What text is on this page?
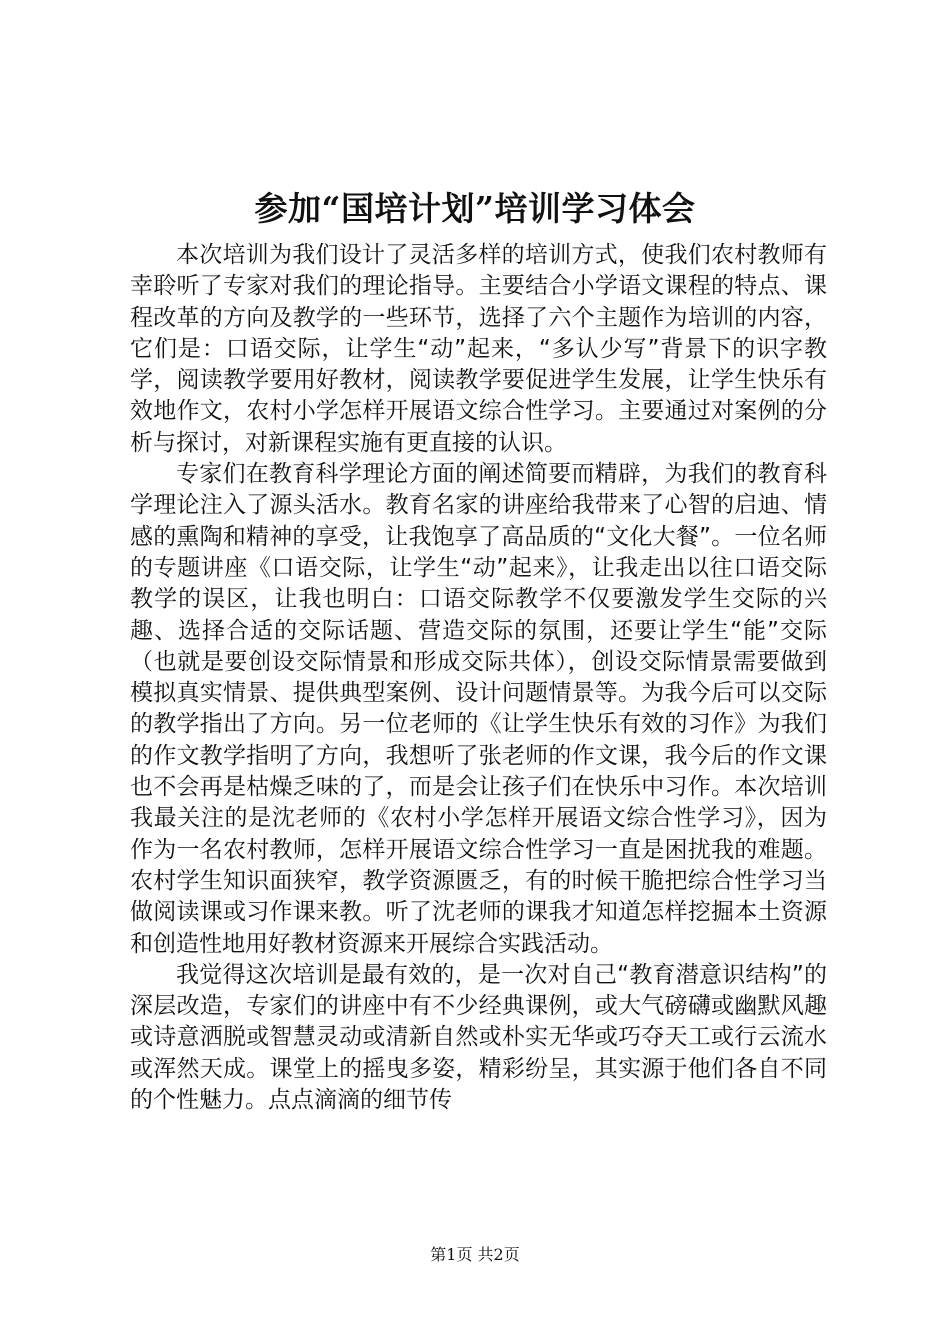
参加“国培计划”培训学习体会

本次培训为我们设计了灵活多样的培训方式，使我们农村教师有幸聆听了专家对我们的理论指导。主要结合小学语文课程的特点、课程改革的方向及教学的一些环节，选择了六个主题作为培训的内容，它们是：口语交际，让学生“动”起来，“多认少写”背景下的识字教学，阅读教学要用好教材，阅读教学要促进学生发展，让学生快乐有效地作文，农村小学怎样开展语文综合性学习。主要通过对案例的分析与探讨，对新课程实施有更直接的认识。

专家们在教育科学理论方面的阐述简要而精辟，为我们的教育科学理论注入了源头活水。教育名家的讲座给我带来了心智的启迪、情感的熏陶和精神的享受，让我饱享了高品质的“文化大餐”。一位名师的专题讲座《口语交际，让学生“动”起来》，让我走出以往口语交际教学的误区，让我也明白：口语交际教学不仅要激发学生交际的兴趣、选择合适的交际话题、营造交际的氛围，还要让学生“能”交际（也就是要创设交际情景和形成交际共体），创设交际情景需要做到模拟真实情景、提供典型案例、设计问题情景等。为我今后可以交际的教学指出了方向。另一位老师的《让学生快乐有效的习作》为我们的作文教学指明了方向，我想听了张老师的作文课，我今后的作文课也不会再是枯燥乏味的了，而是会让孩子们在快乐中习作。本次培训我最关注的是沈老师的《农村小学怎样开展语文综合性学习》，因为作为一名农村教师，怎样开展语文综合性学习一直是困扰我的难题。农村学生知识面狭窄，教学资源匮乏，有的时候干脆把综合性学习当做阅读课或习作课来教。听了沈老师的课我才知道怎样挖掘本土资源和创造性地用好教材资源来开展综合实践活动。

我觉得这次培训是最有效的，是一次对自己“教育潜意识结构”的深层改造，专家们的讲座中有不少经典课例，或大气磅礴或幽默风趣或诗意洒脱或智慧灵动或清新自然或朴实无华或巧夺天工或行云流水或浑然天成。课堂上的摇曳多姿，精彩纷呈，其实源于他们各自不同的个性魅力。点点滴滴的细节传

第1页 共2页
